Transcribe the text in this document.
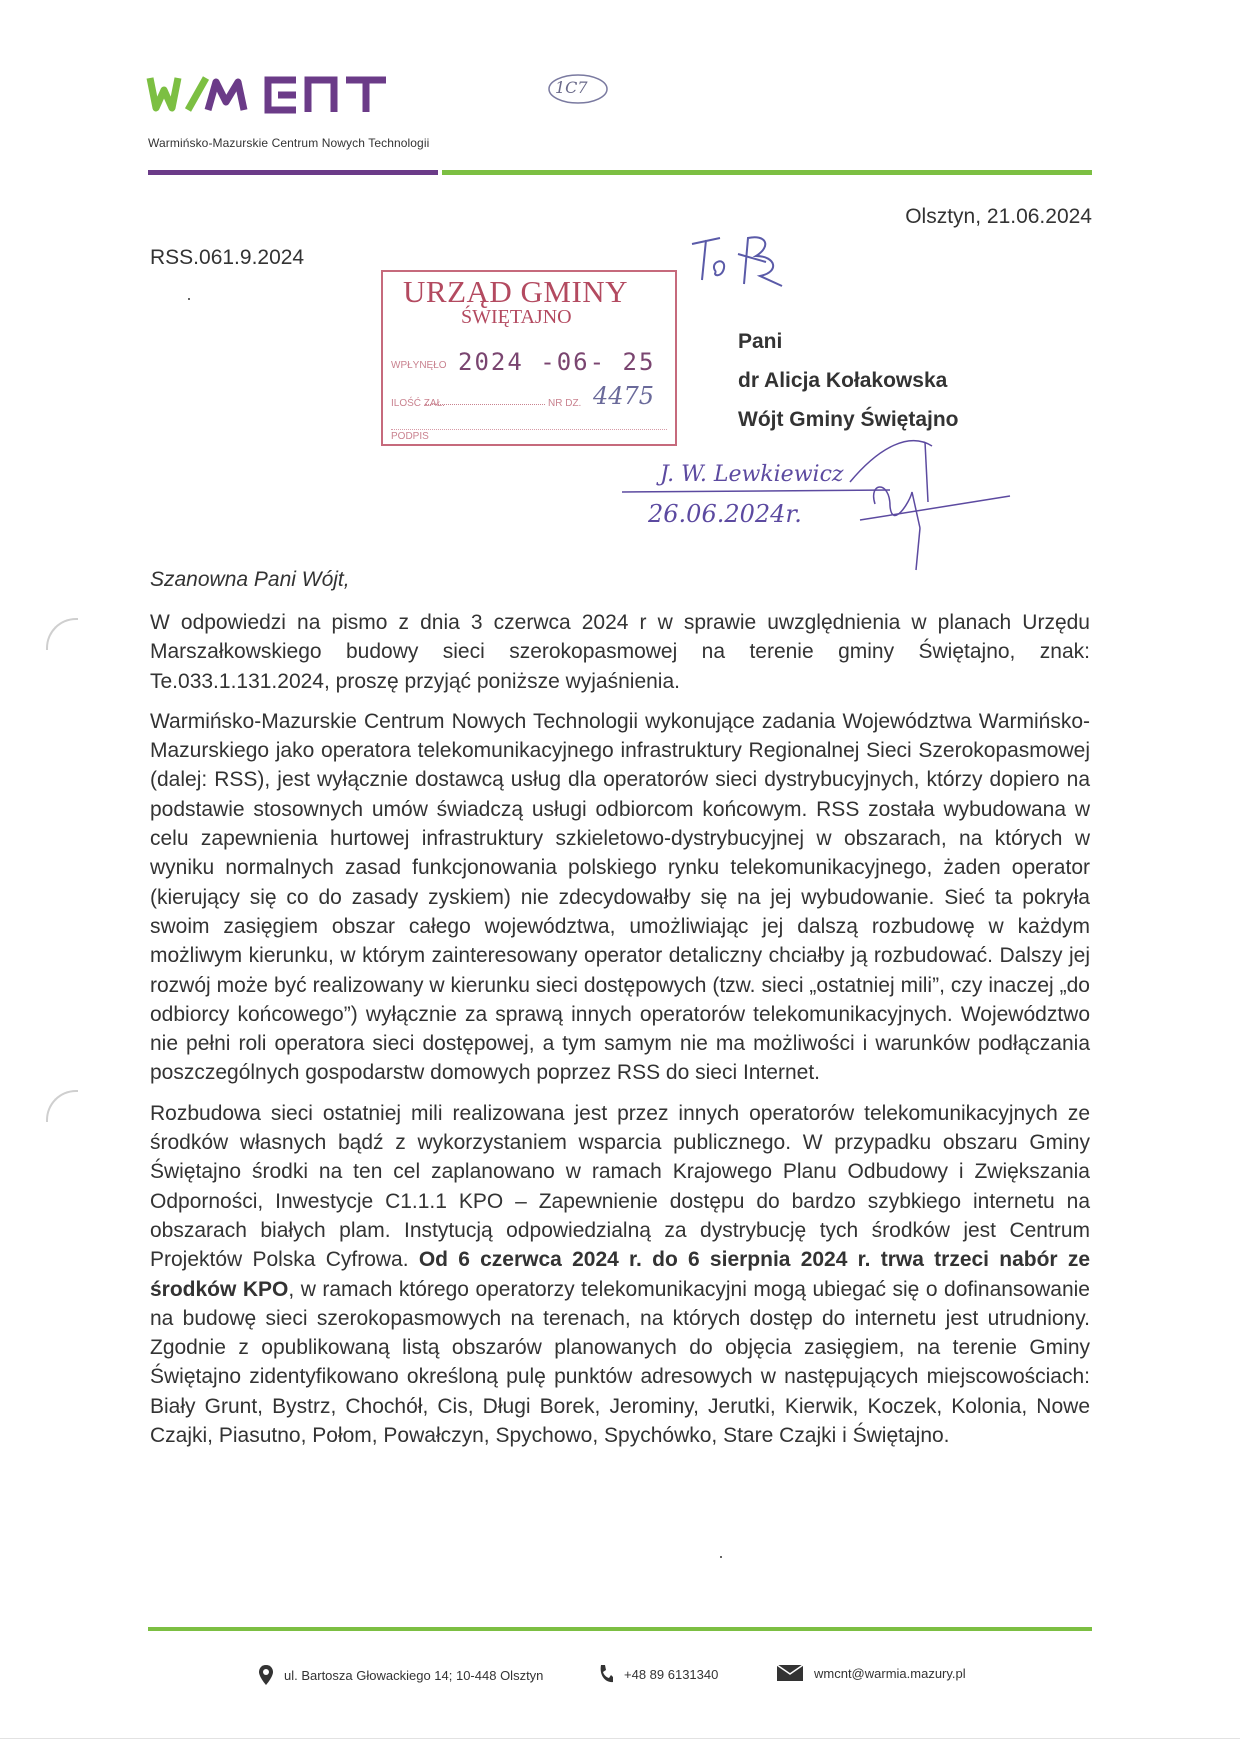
Warmińsko-Mazurskie Centrum Nowych Technologii
1C7
Olsztyn, 21.06.2024
RSS.061.9.2024
URZĄD GMINY
ŚWIĘTAJNO
WPŁYNĘŁO 2024 -06- 25
ILOŚĆ ZAŁ.	NR DZ. 4475
PODPIS
Pani
dr Alicja Kołakowska
Wójt Gminy Świętajno
J. W. Lewkiewicz
26.06.2024r.
Szanowna Pani Wójt,

W odpowiedzi na pismo z dnia 3 czerwca 2024 r w sprawie uwzględnienia w planach Urzędu Marszałkowskiego budowy sieci szerokopasmowej na terenie gminy Świętajno, znak: Te.033.1.131.2024, proszę przyjąć poniższe wyjaśnienia.

Warmińsko-Mazurskie Centrum Nowych Technologii wykonujące zadania Województwa Warmińsko-Mazurskiego jako operatora telekomunikacyjnego infrastruktury Regionalnej Sieci Szerokopasmowej (dalej: RSS), jest wyłącznie dostawcą usług dla operatorów sieci dystrybucyjnych, którzy dopiero na podstawie stosownych umów świadczą usługi odbiorcom końcowym. RSS została wybudowana w celu zapewnienia hurtowej infrastruktury szkieletowo-dystrybucyjnej w obszarach, na których w wyniku normalnych zasad funkcjonowania polskiego rynku telekomunikacyjnego, żaden operator (kierujący się co do zasady zyskiem) nie zdecydowałby się na jej wybudowanie. Sieć ta pokryła swoim zasięgiem obszar całego województwa, umożliwiając jej dalszą rozbudowę w każdym możliwym kierunku, w którym zainteresowany operator detaliczny chciałby ją rozbudować. Dalszy jej rozwój może być realizowany w kierunku sieci dostępowych (tzw. sieci „ostatniej mili”, czy inaczej „do odbiorcy końcowego”) wyłącznie za sprawą innych operatorów telekomunikacyjnych. Województwo nie pełni roli operatora sieci dostępowej, a tym samym nie ma możliwości i warunków podłączania poszczególnych gospodarstw domowych poprzez RSS do sieci Internet.

Rozbudowa sieci ostatniej mili realizowana jest przez innych operatorów telekomunikacyjnych ze środków własnych bądź z wykorzystaniem wsparcia publicznego. W przypadku obszaru Gminy Świętajno środki na ten cel zaplanowano w ramach Krajowego Planu Odbudowy i Zwiększania Odporności, Inwestycje C1.1.1 KPO – Zapewnienie dostępu do bardzo szybkiego internetu na obszarach białych plam. Instytucją odpowiedzialną za dystrybucję tych środków jest Centrum Projektów Polska Cyfrowa. Od 6 czerwca 2024 r. do 6 sierpnia 2024 r. trwa trzeci nabór ze środków KPO, w ramach którego operatorzy telekomunikacyjni mogą ubiegać się o dofinansowanie na budowę sieci szerokopasmowych na terenach, na których dostęp do internetu jest utrudniony. Zgodnie z opublikowaną listą obszarów planowanych do objęcia zasięgiem, na terenie Gminy Świętajno zidentyfikowano określoną pulę punktów adresowych w następujących miejscowościach: Biały Grunt, Bystrz, Chochół, Cis, Długi Borek, Jerominy, Jerutki, Kierwik, Koczek, Kolonia, Nowe Czajki, Piasutno, Połom, Powałczyn, Spychowo, Spychówko, Stare Czajki i Świętajno.

ul. Bartosza Głowackiego 14; 10-448 Olsztyn	+48 89 6131340	wmcnt@warmia.mazury.pl
